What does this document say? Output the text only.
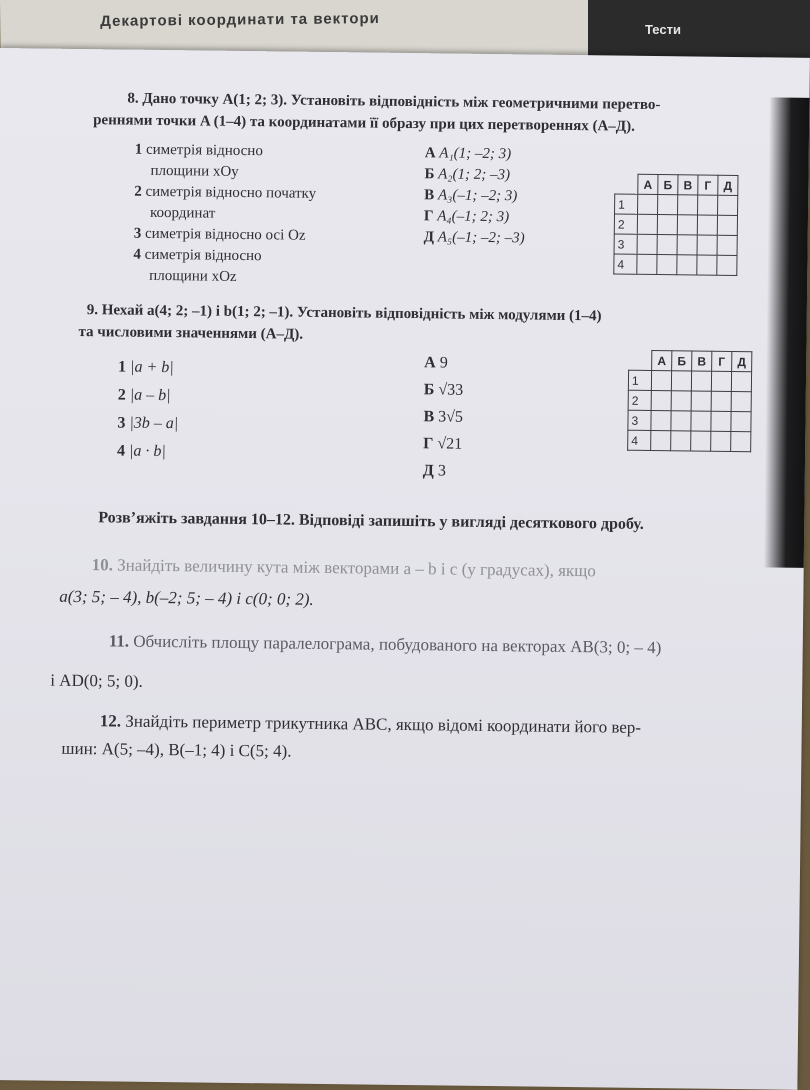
Декартові координати та вектори	Тести
8. Дано точку A(1; 2; 3). Установіть відповідність між геометричними перетво-
реннями точки A (1–4) та координатами її образу при цих перетвореннях (А–Д).
1 симетрія відносно
площини xOy
2 симетрія відносно початку
координат
3 симетрія відносно осі Oz
4 симетрія відносно
площини xOz
А A₁(1; –2; 3)
Б A₂(1; 2; –3)
В A₃(–1; –2; 3)
Г A₄(–1; 2; 3)
Д A₅(–1; –2; –3)
	А	Б	В	Г	Д
1					
2					
3					
4					
9. Нехай a(4; 2; –1) і b(1; 2; –1). Установіть відповідність між модулями (1–4)
та числовими значеннями (А–Д).
1 |a + b|
2 |a – b|
3 |3b – a|
4 |a · b|
А 9
Б √33
В 3√5
Г √21
Д 3
	А	Б	В	Г	Д
1					
2					
3					
4					
Розв’яжіть завдання 10–12. Відповіді запишіть у вигляді десяткового дробу.
10. Знайдіть величину кута між векторами a – b і c (у градусах), якщо
a(3; 5; – 4), b(–2; 5; – 4) і c(0; 0; 2).
11. Обчисліть площу паралелограма, побудованого на векторах AB(3; 0; – 4)
і AD(0; 5; 0).
12. Знайдіть периметр трикутника ABC, якщо відомі координати його вер-
шин: A(5; –4), B(–1; 4) і C(5; 4).
